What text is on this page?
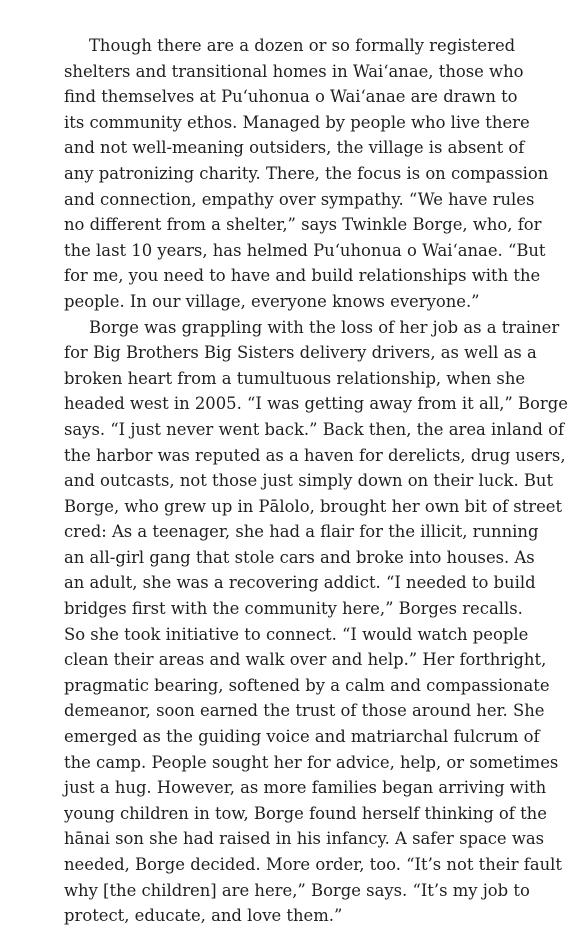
Though there are a dozen or so formally registered
shelters and transitional homes in Waiʻanae, those who
find themselves at Puʻuhonua o Waiʻanae are drawn to
its community ethos. Managed by people who live there
and not well-meaning outsiders, the village is absent of
any patronizing charity. There, the focus is on compassion
and connection, empathy over sympathy. “We have rules
no different from a shelter,” says Twinkle Borge, who, for
the last 10 years, has helmed Puʻuhonua o Waiʻanae. “But
for me, you need to have and build relationships with the
people. In our village, everyone knows everyone.”
Borge was grappling with the loss of her job as a trainer
for Big Brothers Big Sisters delivery drivers, as well as a
broken heart from a tumultuous relationship, when she
headed west in 2005. “I was getting away from it all,” Borge
says. “I just never went back.” Back then, the area inland of
the harbor was reputed as a haven for derelicts, drug users,
and outcasts, not those just simply down on their luck. But
Borge, who grew up in Pālolo, brought her own bit of street
cred: As a teenager, she had a flair for the illicit, running
an all-girl gang that stole cars and broke into houses. As
an adult, she was a recovering addict. “I needed to build
bridges first with the community here,” Borges recalls.
So she took initiative to connect. “I would watch people
clean their areas and walk over and help.” Her forthright,
pragmatic bearing, softened by a calm and compassionate
demeanor, soon earned the trust of those around her. She
emerged as the guiding voice and matriarchal fulcrum of
the camp. People sought her for advice, help, or sometimes
just a hug. However, as more families began arriving with
young children in tow, Borge found herself thinking of the
hānai son she had raised in his infancy. A safer space was
needed, Borge decided. More order, too. “It’s not their fault
why [the children] are here,” Borge says. “It’s my job to
protect, educate, and love them.”
